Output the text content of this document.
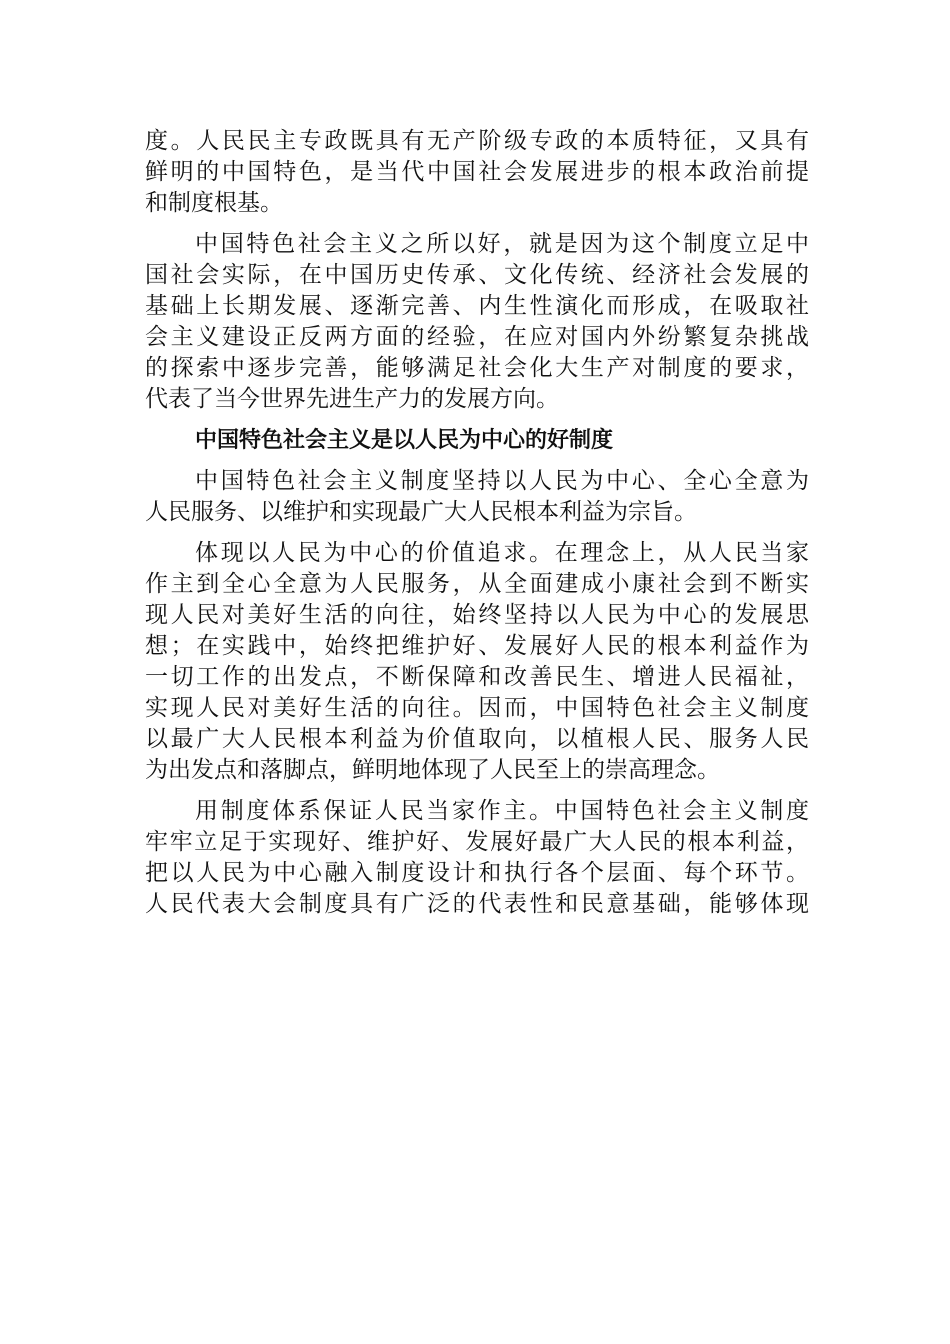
度。人民民主专政既具有无产阶级专政的本质特征，又具有
鲜明的中国特色，是当代中国社会发展进步的根本政治前提
和制度根基。
中国特色社会主义之所以好，就是因为这个制度立足中
国社会实际，在中国历史传承、文化传统、经济社会发展的
基础上长期发展、逐渐完善、内生性演化而形成，在吸取社
会主义建设正反两方面的经验，在应对国内外纷繁复杂挑战
的探索中逐步完善，能够满足社会化大生产对制度的要求，
代表了当今世界先进生产力的发展方向。
中国特色社会主义是以人民为中心的好制度
中国特色社会主义制度坚持以人民为中心、全心全意为
人民服务、以维护和实现最广大人民根本利益为宗旨。
体现以人民为中心的价值追求。在理念上，从人民当家
作主到全心全意为人民服务，从全面建成小康社会到不断实
现人民对美好生活的向往，始终坚持以人民为中心的发展思
想；在实践中，始终把维护好、发展好人民的根本利益作为
一切工作的出发点，不断保障和改善民生、增进人民福祉，
实现人民对美好生活的向往。因而，中国特色社会主义制度
以最广大人民根本利益为价值取向，以植根人民、服务人民
为出发点和落脚点，鲜明地体现了人民至上的崇高理念。
用制度体系保证人民当家作主。中国特色社会主义制度
牢牢立足于实现好、维护好、发展好最广大人民的根本利益，
把以人民为中心融入制度设计和执行各个层面、每个环节。
人民代表大会制度具有广泛的代表性和民意基础，能够体现
